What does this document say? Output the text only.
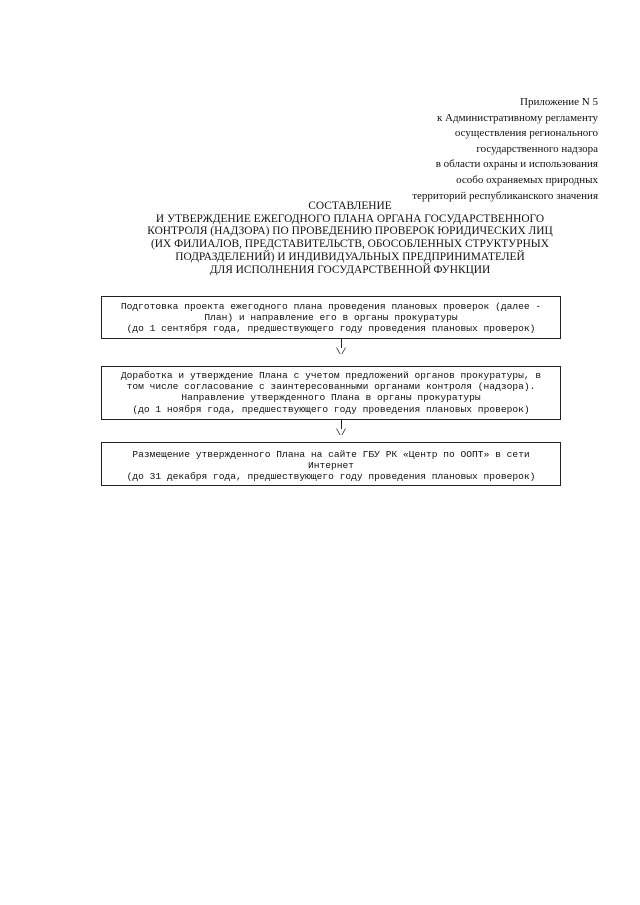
Приложение N 5
к Административному регламенту
осуществления регионального
государственного надзора
в области охраны и использования
особо охраняемых природных
территорий республиканского значения
СОСТАВЛЕНИЕ
И УТВЕРЖДЕНИЕ ЕЖЕГОДНОГО ПЛАНА ОРГАНА ГОСУДАРСТВЕННОГО
КОНТРОЛЯ (НАДЗОРА) ПО ПРОВЕДЕНИЮ ПРОВЕРОК ЮРИДИЧЕСКИХ ЛИЦ
(ИХ ФИЛИАЛОВ, ПРЕДСТАВИТЕЛЬСТВ, ОБОСОБЛЕННЫХ СТРУКТУРНЫХ
ПОДРАЗДЕЛЕНИЙ) И ИНДИВИДУАЛЬНЫХ ПРЕДПРИНИМАТЕЛЕЙ
ДЛЯ ИСПОЛНЕНИЯ ГОСУДАРСТВЕННОЙ ФУНКЦИИ
Подготовка проекта ежегодного плана проведения плановых проверок (далее -
План) и направление его в органы прокуратуры
(до 1 сентября года, предшествующего году проведения плановых проверок)
\/
Доработка и утверждение Плана с учетом предложений органов прокуратуры, в
том числе согласование с заинтересованными органами контроля (надзора).
Направление утвержденного Плана в органы прокуратуры
(до 1 ноября года, предшествующего году проведения плановых проверок)
\/
Размещение утвержденного Плана на сайте ГБУ РК «Центр по ООПТ» в сети
Интернет
(до 31 декабря года, предшествующего году проведения плановых проверок)
